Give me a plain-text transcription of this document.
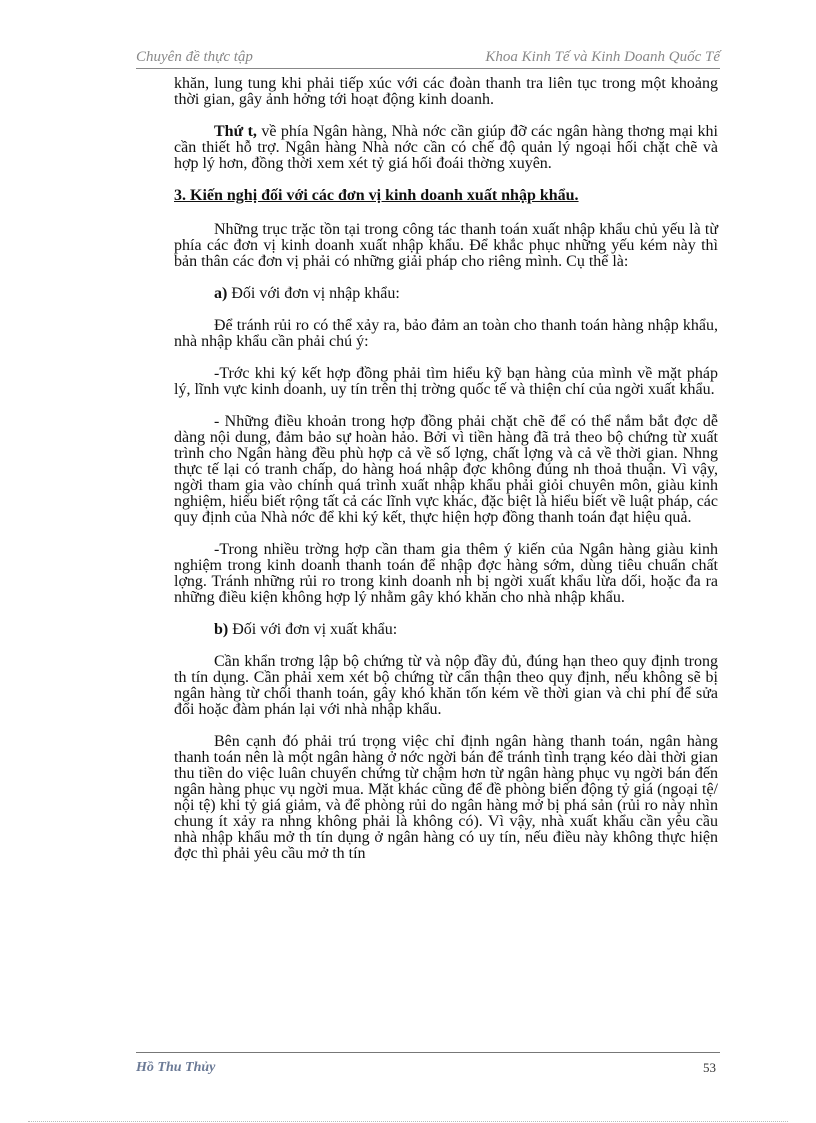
Chuyên đề thực tập	Khoa Kinh Tế và Kinh Doanh Quốc Tế

khăn, lung tung khi phải tiếp xúc với các đoàn thanh tra liên tục trong một khoảng thời gian, gây ảnh hởng tới hoạt động kinh doanh.

Thứ t, về phía Ngân hàng, Nhà nớc cần giúp đỡ các ngân hàng thơng mại khi cần thiết hỗ trợ. Ngân hàng Nhà nớc cần có chế độ quản lý ngoại hối chặt chẽ và hợp lý hơn, đồng thời xem xét tỷ giá hối đoái thờng xuyên.

3. Kiến nghị đối với các đơn vị kinh doanh xuất nhập khẩu.

Những trục trặc tồn tại trong công tác thanh toán xuất nhập khẩu chủ yếu là từ phía các đơn vị kinh doanh xuất nhập khẩu. Để khắc phục những yếu kém này thì bản thân các đơn vị phải có những giải pháp cho riêng mình. Cụ thể là:

a) Đối với đơn vị nhập khẩu:

Để tránh rủi ro có thể xảy ra, bảo đảm an toàn cho thanh toán hàng nhập khẩu, nhà nhập khẩu cần phải chú ý:

-Trớc khi ký kết hợp đồng phải tìm hiểu kỹ bạn hàng của mình về mặt pháp lý, lĩnh vực kinh doanh, uy tín trên thị trờng quốc tế và thiện chí của ngời xuất khẩu.

- Những điều khoản trong hợp đồng phải chặt chẽ để có thể nắm bắt đợc dễ dàng nội dung, đảm bảo sự hoàn hảo. Bởi vì tiền hàng đã trả theo bộ chứng từ xuất trình cho Ngân hàng đều phù hợp cả về số lợng, chất lợng và cả về thời gian. Nhng thực tế lại có tranh chấp, do hàng hoá nhập đợc không đúng nh thoả thuận. Vì vậy, ngời tham gia vào chính quá trình xuất nhập khẩu phải giỏi chuyên môn, giàu kinh nghiệm, hiểu biết rộng tất cả các lĩnh vực khác, đặc biệt là hiểu biết về luật pháp, các quy định của Nhà nớc để khi ký kết, thực hiện hợp đồng thanh toán đạt hiệu quả.

-Trong nhiều trờng hợp cần tham gia thêm ý kiến của Ngân hàng giàu kinh nghiệm trong kinh doanh thanh toán để nhập đợc hàng sớm, dùng tiêu chuẩn chất lợng. Tránh những rủi ro trong kinh doanh nh bị ngời xuất khẩu lừa dối, hoặc đa ra những điều kiện không hợp lý nhằm gây khó khăn cho nhà nhập khẩu.

b) Đối với đơn vị xuất khẩu:

Cần khẩn trơng lập bộ chứng từ và nộp đầy đủ, đúng hạn theo quy định trong th tín dụng. Cần phải xem xét bộ chứng từ cẩn thận theo quy định, nếu không sẽ bị ngân hàng từ chối thanh toán, gây khó khăn tốn kém về thời gian và chi phí để sửa đổi hoặc đàm phán lại với nhà nhập khẩu.

Bên cạnh đó phải trú trọng việc chỉ định ngân hàng thanh toán, ngân hàng thanh toán nên là một ngân hàng ở nớc ngời bán để tránh tình trạng kéo dài thời gian thu tiền do việc luân chuyển chứng từ chậm hơn từ ngân hàng phục vụ ngời bán đến ngân hàng phục vụ ngời mua. Mặt khác cũng để đề phòng biến động tỷ giá (ngoại tệ/ nội tệ) khi tỷ giá giảm, và để phòng rủi do ngân hàng mở bị phá sản (rủi ro này nhìn chung ít xảy ra nhng không phải là không có). Vì vậy, nhà xuất khẩu cần yêu cầu nhà nhập khẩu mở th tín dụng ở ngân hàng có uy tín, nếu điều này không thực hiện đợc thì phải yêu cầu mở th tín

Hồ Thu Thủy	53
